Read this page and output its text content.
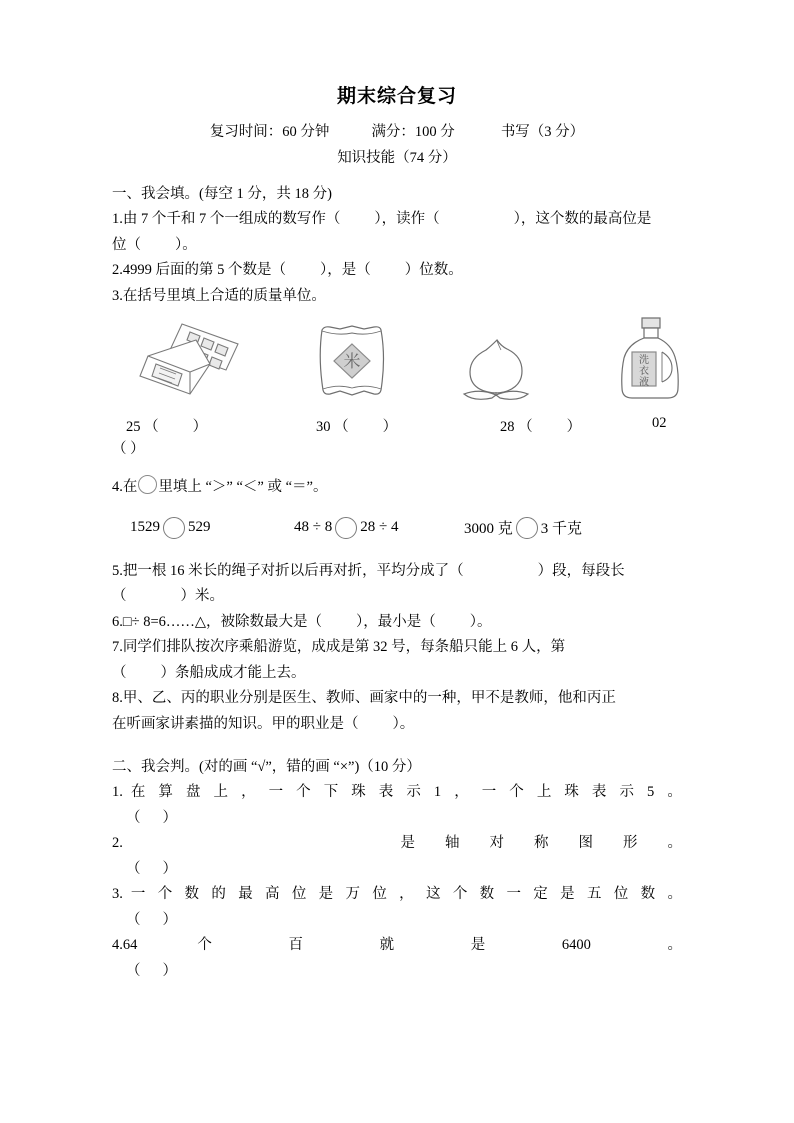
期末综合复习
复习时间：60 分钟	满分：100 分	书写（3 分）
知识技能（74 分）
一、我会填。(每空 1 分，共 18 分)
1.由 7 个千和 7 个一组成的数写作（ ），读作（	），这个数的最高位是
位（ ）。
2.4999 后面的第 5 个数是（ ），是（ ）位数。
3.在括号里填上合适的质量单位。
米	洗
衣
液
25 （ ）	30 （ ）	28 （ ）	02
（ ）
4.在 里填上 “＞” “＜” 或 “＝”。
1529 529	48 ÷ 8 28 ÷ 4	3000 克 3 千克
5.把一根 16 米长的绳子对折以后再对折，平均分成了（	）段，每段长
（	）米。
6.□÷ 8=6……△，被除数最大是（ ），最小是（ ）。
7.同学们排队按次序乘船游览，成成是第 32 号，每条船只能上 6 人，第
（ ）条船成成才能上去。
8.甲、乙、丙的职业分别是医生、教师、画家中的一种，甲不是教师，他和丙正
在听画家讲素描的知识。甲的职业是（ ）。
二、我会判。(对的画 “√”，错的画 “×”)（10 分）
1. 在 算 盘 上 ， 一 个 下 珠 表 示 1 ， 一 个 上 珠 表 示 5 。
（ ）
2.	是 轴 对 称 图 形 。
（ ）
3. 一 个 数 的 最 高 位 是 万 位 ， 这 个 数 一 定 是 五 位 数 。
（ ）
4.64	个	百	就	是	6400	。
（ ）
